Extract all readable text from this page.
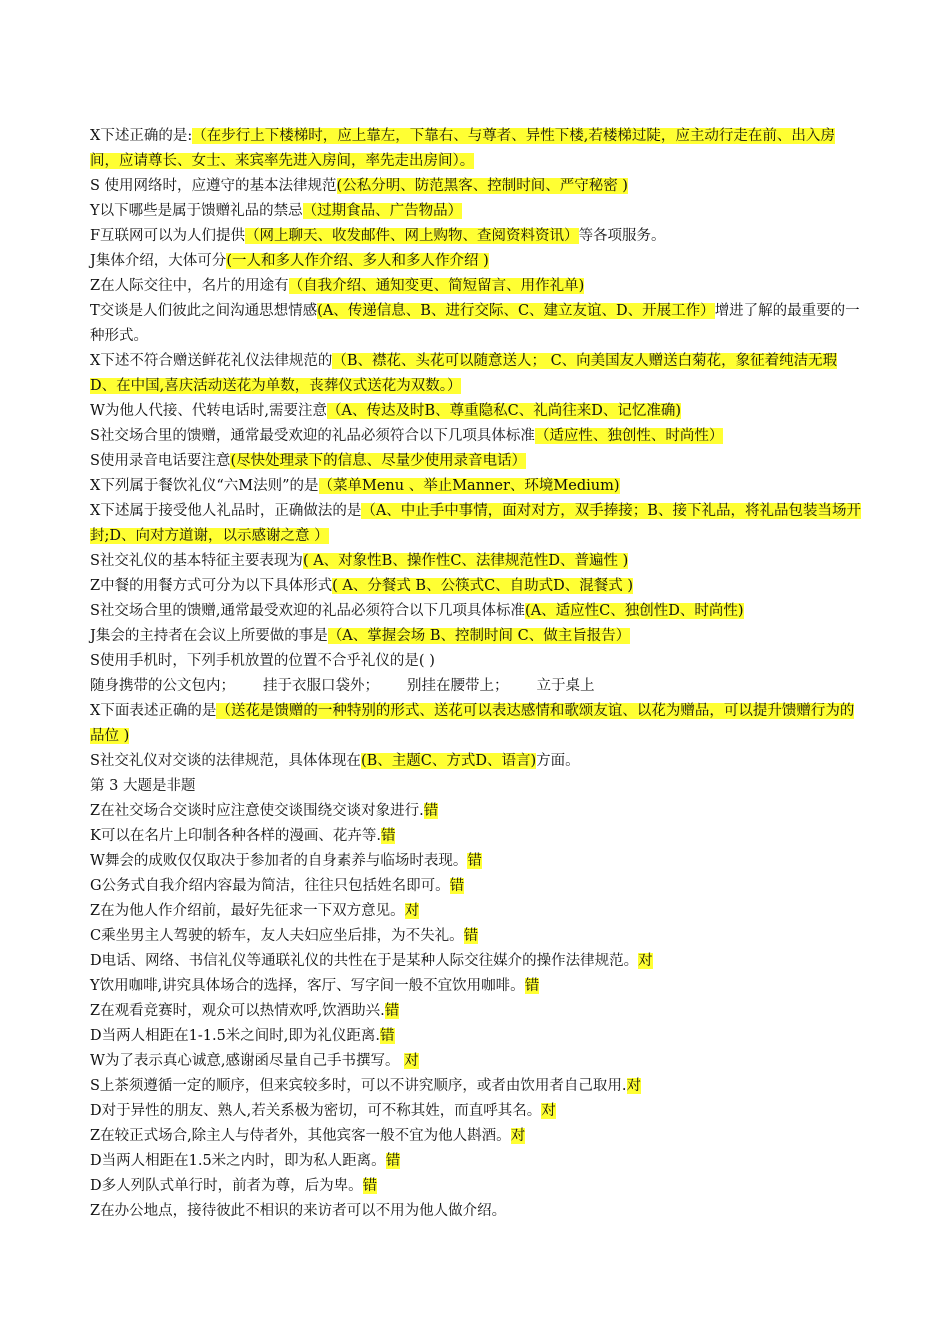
X下述正确的是:（在步行上下楼梯时，应上靠左，下靠右、与尊者、异性下楼,若楼梯过陡，应主动行走在前、出入房间，应请尊长、女士、来宾率先进入房间，率先走出房间）。

S 使用网络时，应遵守的基本法律规范(公私分明、防范黑客、控制时间、严守秘密 )

Y以下哪些是属于馈赠礼品的禁忌（过期食品、广告物品）

F互联网可以为人们提供（网上聊天、收发邮件、网上购物、查阅资料资讯）等各项服务。

J集体介绍，大体可分(一人和多人作介绍、多人和多人作介绍 )

Z在人际交往中，名片的用途有（自我介绍、通知变更、简短留言、用作礼单)

T交谈是人们彼此之间沟通思想情感(A、传递信息、B、进行交际、C、建立友谊、D、开展工作）增进了解的最重要的一种形式。

X下述不符合赠送鲜花礼仪法律规范的（B、襟花、头花可以随意送人； C、向美国友人赠送白菊花，象征着纯洁无瑕D、在中国,喜庆活动送花为单数，丧葬仪式送花为双数。）

W为他人代接、代转电话时,需要注意（A、传达及时B、尊重隐私C、礼尚往来D、记忆准确)

S社交场合里的馈赠，通常最受欢迎的礼品必须符合以下几项具体标准（适应性、独创性、时尚性）

S使用录音电话要注意(尽快处理录下的信息、尽量少使用录音电话）

X下列属于餐饮礼仪“六M法则”的是（菜单Menu 、举止Manner、环境Medium)

X下述属于接受他人礼品时，正确做法的是（A、中止手中事情，面对对方，双手捧接；B、接下礼品，将礼品包装当场开封;D、向对方道谢，以示感谢之意 ）

S社交礼仪的基本特征主要表现为( A、对象性B、操作性C、法律规范性D、普遍性 )

Z中餐的用餐方式可分为以下具体形式( A、分餐式 B、公筷式C、自助式D、混餐式 )

S社交场合里的馈赠,通常最受欢迎的礼品必须符合以下几项具体标准(A、适应性C、独创性D、时尚性)

J集会的主持者在会议上所要做的事是（A、掌握会场 B、控制时间 C、做主旨报告）

S使用手机时，下列手机放置的位置不合乎礼仪的是( )

随身携带的公文包内； 挂于衣服口袋外； 别挂在腰带上； 立于桌上

X下面表述正确的是（送花是馈赠的一种特别的形式、送花可以表达感情和歌颂友谊、以花为赠品，可以提升馈赠行为的品位 )

S社交礼仪对交谈的法律规范，具体体现在(B、主题C、方式D、语言)方面。

第 3 大题是非题

Z在社交场合交谈时应注意使交谈围绕交谈对象进行.错

K可以在名片上印制各种各样的漫画、花卉等.错

W舞会的成败仅仅取决于参加者的自身素养与临场时表现。错

G公务式自我介绍内容最为简洁，往往只包括姓名即可。错

Z在为他人作介绍前，最好先征求一下双方意见。对

C乘坐男主人驾驶的轿车，友人夫妇应坐后排，为不失礼。错

D电话、网络、书信礼仪等通联礼仪的共性在于是某种人际交往媒介的操作法律规范。对

Y饮用咖啡,讲究具体场合的选择，客厅、写字间一般不宜饮用咖啡。错

Z在观看竞赛时，观众可以热情欢呼,饮酒助兴.错

D当两人相距在1-1.5米之间时,即为礼仪距离.错

W为了表示真心诚意,感谢函尽量自己手书撰写。 对

S上茶须遵循一定的顺序，但来宾较多时，可以不讲究顺序，或者由饮用者自己取用.对

D对于异性的朋友、熟人,若关系极为密切，可不称其姓，而直呼其名。对

Z在较正式场合,除主人与侍者外，其他宾客一般不宜为他人斟酒。对

D当两人相距在1.5米之内时，即为私人距离。错

D多人列队式单行时，前者为尊，后为卑。错

Z在办公地点，接待彼此不相识的来访者可以不用为他人做介绍。
